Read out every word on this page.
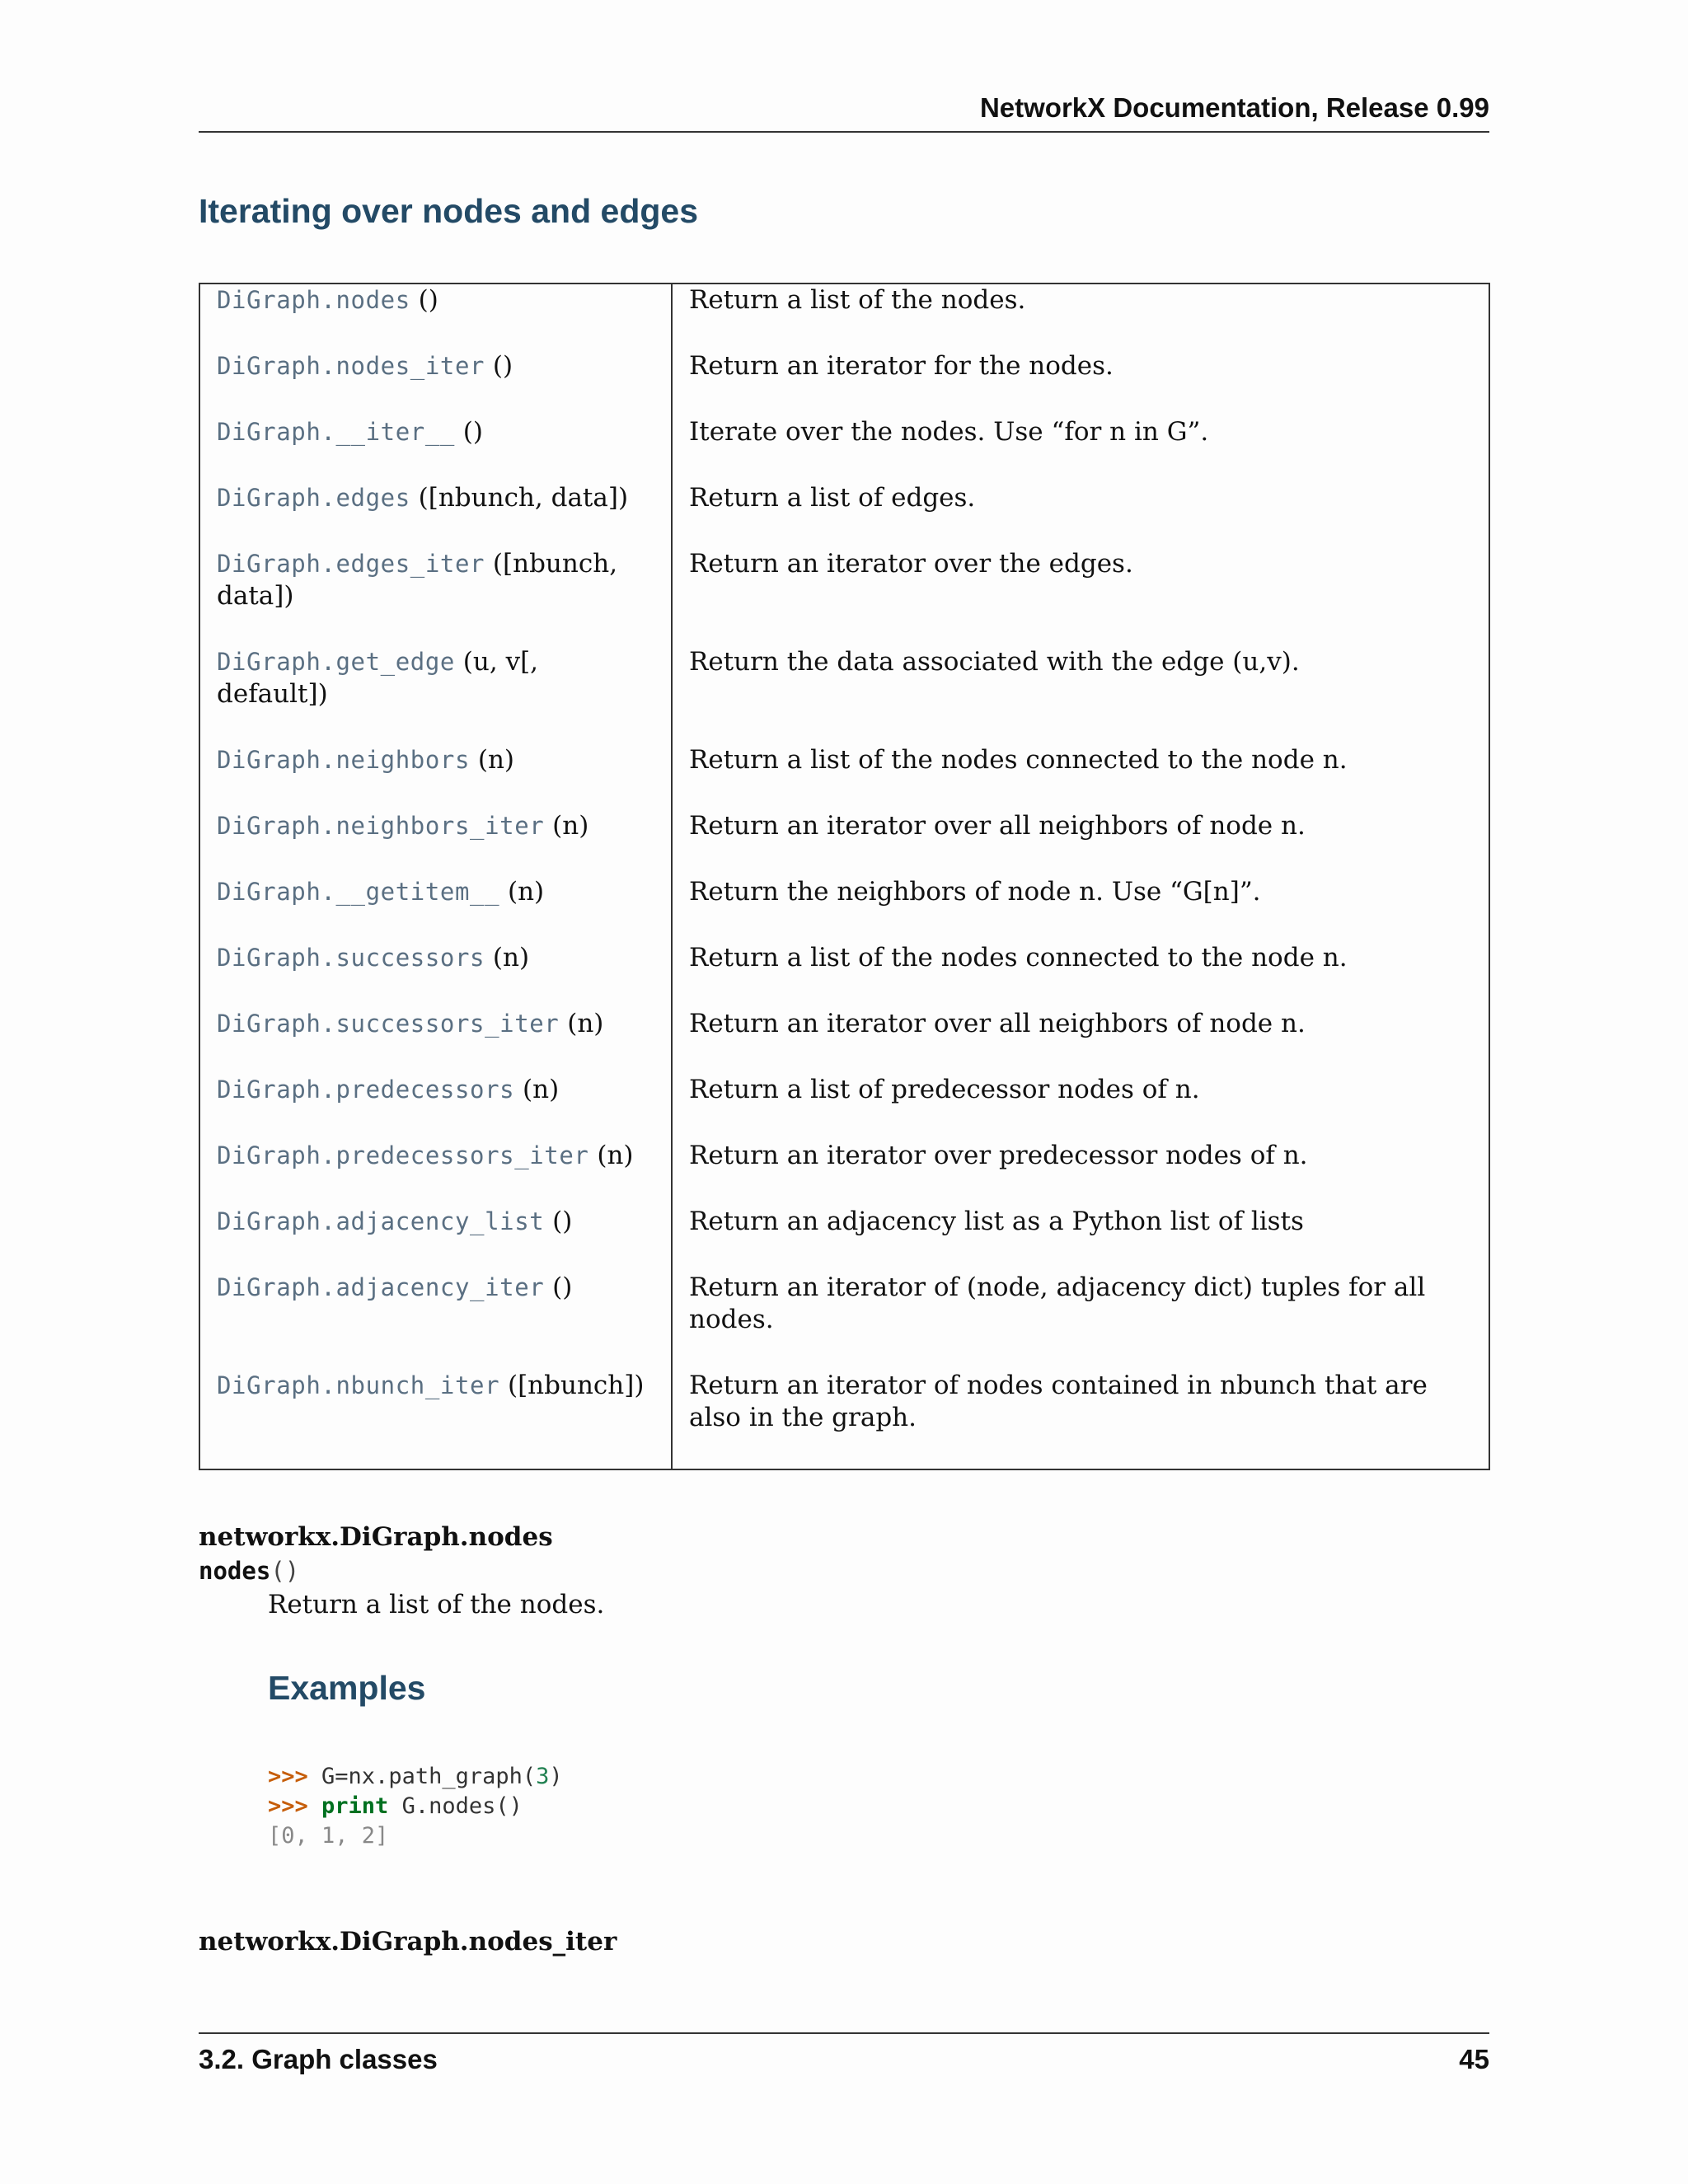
NetworkX Documentation, Release 0.99
Iterating over nodes and edges
DiGraph.nodes ()	Return a list of the nodes.
DiGraph.nodes_iter ()	Return an iterator for the nodes.
DiGraph.__iter__ ()	Iterate over the nodes. Use “for n in G”.
DiGraph.edges ([nbunch, data])	Return a list of edges.
DiGraph.edges_iter ([nbunch, data])	Return an iterator over the edges.
DiGraph.get_edge (u, v[, default])	Return the data associated with the edge (u,v).
DiGraph.neighbors (n)	Return a list of the nodes connected to the node n.
DiGraph.neighbors_iter (n)	Return an iterator over all neighbors of node n.
DiGraph.__getitem__ (n)	Return the neighbors of node n. Use “G[n]”.
DiGraph.successors (n)	Return a list of the nodes connected to the node n.
DiGraph.successors_iter (n)	Return an iterator over all neighbors of node n.
DiGraph.predecessors (n)	Return a list of predecessor nodes of n.
DiGraph.predecessors_iter (n)	Return an iterator over predecessor nodes of n.
DiGraph.adjacency_list ()	Return an adjacency list as a Python list of lists
DiGraph.adjacency_iter ()	Return an iterator of (node, adjacency dict) tuples for all nodes.
DiGraph.nbunch_iter ([nbunch])	Return an iterator of nodes contained in nbunch that are also in the graph.
networkx.DiGraph.nodes
nodes()
Return a list of the nodes.
Examples
>>> G=nx.path_graph(3)
>>> print G.nodes()
[0, 1, 2]
networkx.DiGraph.nodes_iter
3.2. Graph classes	45
